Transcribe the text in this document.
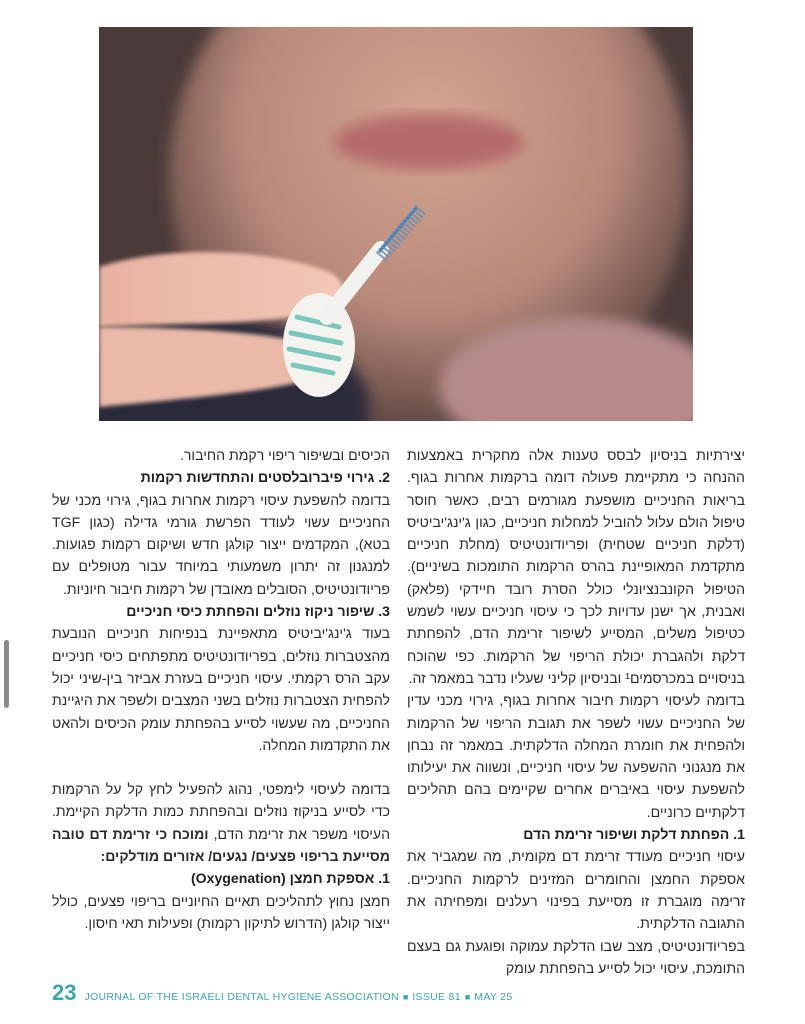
יצירתיות בניסיון לבסס טענות אלה מחקרית באמצעות ההנחה כי מתקיימת פעולה דומה ברקמות אחרות בגוף. בריאות החניכיים מושפעת מגורמים רבים, כאשר חוסר טיפול הולם עלול להוביל למחלות חניכיים, כגון ג'ינג'יביטיס (דלקת חניכיים שטחית) ופריודונטיטיס (מחלת חניכיים מתקדמת המאופיינת בהרס הרקמות התומכות בשיניים). הטיפול הקונבנציונלי כולל הסרת רובד חיידקי (פלאק) ואבנית, אך ישנן עדויות לכך כי עיסוי חניכיים עשוי לשמש כטיפול משלים, המסייע לשיפור זרימת הדם, להפחתת דלקת ולהגברת יכולת הריפוי של הרקמות. כפי שהוכח בניסויים במכרסמים¹ ובניסיון קליני שעליו נדבר במאמר זה.

בדומה לעיסוי רקמות חיבור אחרות בגוף, גירוי מכני עדין של החניכיים עשוי לשפר את תגובת הריפוי של הרקמות ולהפחית את חומרת המחלה הדלקתית. במאמר זה נבחן את מנגנוני ההשפעה של עיסוי חניכיים, ונשווה את יעילותו להשפעת עיסוי באיברים אחרים שקיימים בהם תהליכים דלקתיים כרוניים.

1. הפחתת דלקת ושיפור זרימת הדם

עיסוי חניכיים מעודד זרימת דם מקומית, מה שמגביר את אספקת החמצן והחומרים המזינים לרקמות החניכיים. זרימה מוגברת זו מסייעת בפינוי רעלנים ומפחיתה את התגובה הדלקתית.

בפריודונטיטיס, מצב שבו הדלקת עמוקה ופוגעת גם בעצם התומכת, עיסוי יכול לסייע בהפחתת עומק

הכיסים ובשיפור ריפוי רקמת החיבור.

2. גירוי פיברובלסטים והתחדשות רקמות

בדומה להשפעת עיסוי רקמות אחרות בגוף, גירוי מכני של החניכיים עשוי לעודד הפרשת גורמי גדילה (כגון TGF בטא), המקדמים ייצור קולגן חדש ושיקום רקמות פגועות. למנגנון זה יתרון משמעותי במיוחד עבור מטופלים עם פריודונטיטיס, הסובלים מאובדן של רקמות חיבור חיוניות.

3. שיפור ניקוז נוזלים והפחתת כיסי חניכיים

בעוד ג'ינג'יביטיס מתאפיינת בנפיחות חניכיים הנובעת מהצטברות נוזלים, בפריודונטיטיס מתפתחים כיסי חניכיים עקב הרס רקמתי. עיסוי חניכיים בעזרת אביזר בין-שיני יכול להפחית הצטברות נוזלים בשני המצבים ולשפר את היגיינת החניכיים, מה שעשוי לסייע בהפחתת עומק הכיסים ולהאט את התקדמות המחלה.

בדומה לעיסוי לימפטי, נהוג להפעיל לחץ קל על הרקמות כדי לסייע בניקוז נוזלים ובהפחתת כמות הדלקת הקיימת. העיסוי משפר את זרימת הדם, ומוכח כי זרימת דם טובה מסייעת בריפוי פצעים/ נגעים/ אזורים מודלקים:

1. אספקת חמצן (Oxygenation)

חמצן נחוץ לתהליכים תאיים החיוניים בריפוי פצעים, כולל ייצור קולגן (הדרוש לתיקון רקמות) ופעילות תאי חיסון.

23 JOURNAL OF THE ISRAELI DENTAL HYGIENE ASSOCIATION ■ ISSUE 81 ■ MAY 25
